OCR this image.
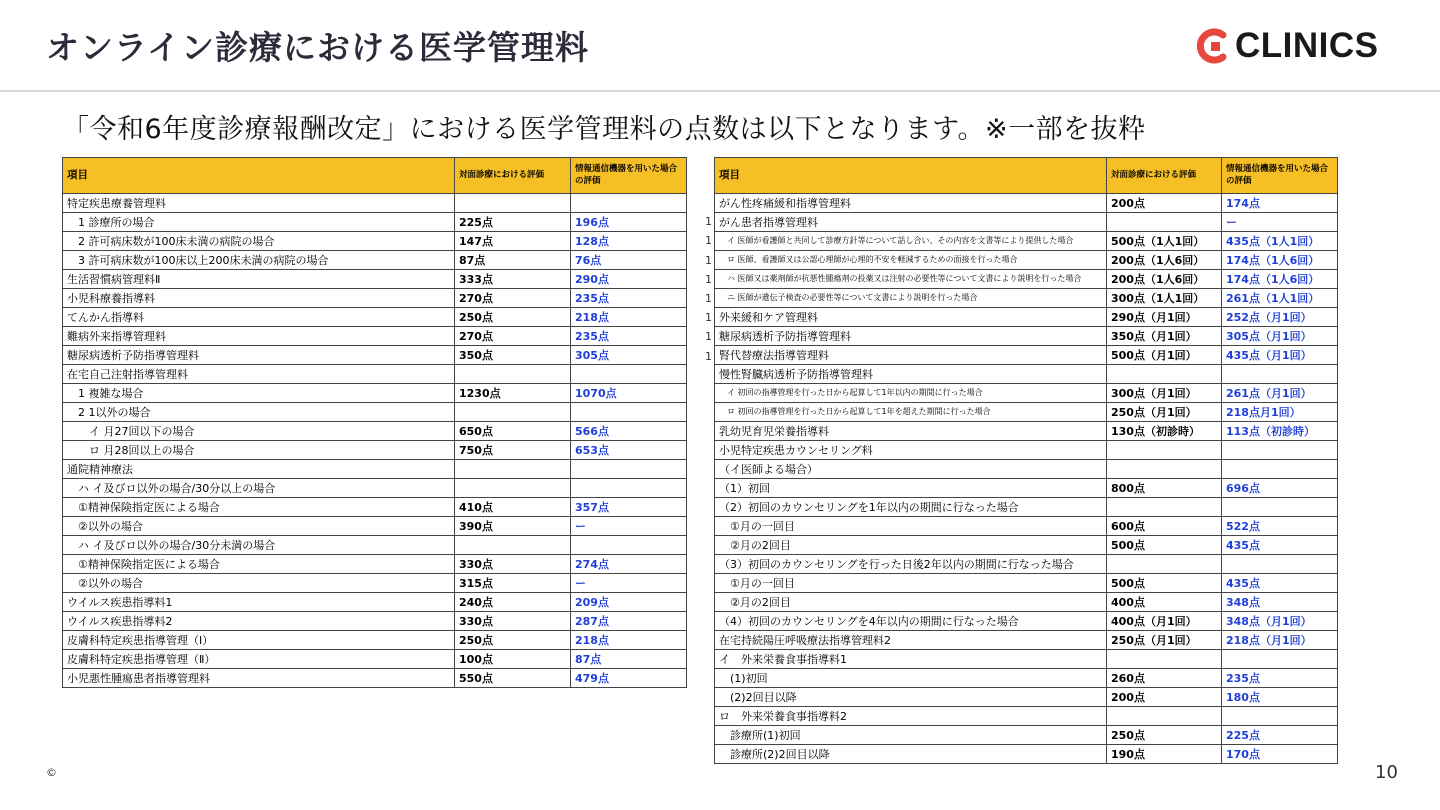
オンライン診療における医学管理料	CLINICS
「令和6年度診療報酬改定」における医学管理料の点数は以下となります。※一部を抜粋
項目	対面診療における評価	情報通信機器を用いた場合の評価
特定疾患療養管理料		
　1 診療所の場合	225点	196点
　2 許可病床数が100床未満の病院の場合	147点	128点
　3 許可病床数が100床以上200床未満の病院の場合	87点	76点
生活習慣病管理料Ⅱ	333点	290点
小児科療養指導料	270点	235点
てんかん指導料	250点	218点
難病外来指導管理料	270点	235点
糖尿病透析予防指導管理料	350点	305点
在宅自己注射指導管理料		
　1 複雑な場合	1230点	1070点
　2 1以外の場合		
　　イ 月27回以下の場合	650点	566点
　　ロ 月28回以上の場合	750点	653点
通院精神療法		
　ハ イ及びロ以外の場合/30分以上の場合		
　①精神保険指定医による場合	410点	357点
　②以外の場合	390点	ー
　ハ イ及びロ以外の場合/30分未満の場合		
　①精神保険指定医による場合	330点	274点
　②以外の場合	315点	ー
ウイルス疾患指導料1	240点	209点
ウイルス疾患指導料2	330点	287点
皮膚科特定疾患指導管理（Ⅰ）	250点	218点
皮膚科特定疾患指導管理（Ⅱ）	100点	87点
小児悪性腫瘍患者指導管理料	550点	479点
項目	対面診療における評価	情報通信機器を用いた場合の評価
がん性疼痛緩和指導管理料	200点	174点
がん患者指導管理料		ー
　イ 医師が看護師と共同して診療方針等について話し合い、その内容を文書等により提供した場合	500点（1人1回）	435点（1人1回）
　ロ 医師、看護師又は公認心理師が心理的不安を軽減するための面接を行った場合	200点（1人6回）	174点（1人6回）
　ハ 医師又は薬剤師が抗悪性腫瘍剤の投薬又は注射の必要性等について文書により説明を行った場合	200点（1人6回）	174点（1人6回）
　ニ 医師が遺伝子検査の必要性等について文書により説明を行った場合	300点（1人1回）	261点（1人1回）
外来緩和ケア管理料	290点（月1回）	252点（月1回）
糖尿病透析予防指導管理料	350点（月1回）	305点（月1回）
腎代替療法指導管理料	500点（月1回）	435点（月1回）
慢性腎臓病透析予防指導管理料		
　イ 初回の指導管理を行った日から起算して1年以内の期間に行った場合	300点（月1回）	261点（月1回）
　ロ 初回の指導管理を行った日から起算して1年を超えた期間に行った場合	250点（月1回）	218点月1回）
乳幼児育児栄養指導料	130点（初診時）	113点（初診時）
小児特定疾患カウンセリング料		
（イ医師よる場合）		
（1）初回	800点	696点
（2）初回のカウンセリングを1年以内の期間に行なった場合		
　①月の一回目	600点	522点
　②月の2回目	500点	435点
（3）初回のカウンセリングを行った日後2年以内の期間に行なった場合		
　①月の一回目	500点	435点
　②月の2回目	400点	348点
（4）初回のカウンセリングを4年以内の期間に行なった場合	400点（月1回）	348点（月1回）
在宅持続陽圧呼吸療法指導管理料2	250点（月1回）	218点（月1回）
イ　外来栄養食事指導料1		
　(1)初回	260点	235点
　(2)2回目以降	200点	180点
ロ　外来栄養食事指導料2		
　診療所(1)初回	250点	225点
　診療所(2)2回目以降	190点	170点
1
1
1
1
1
1
1
1
©	10
